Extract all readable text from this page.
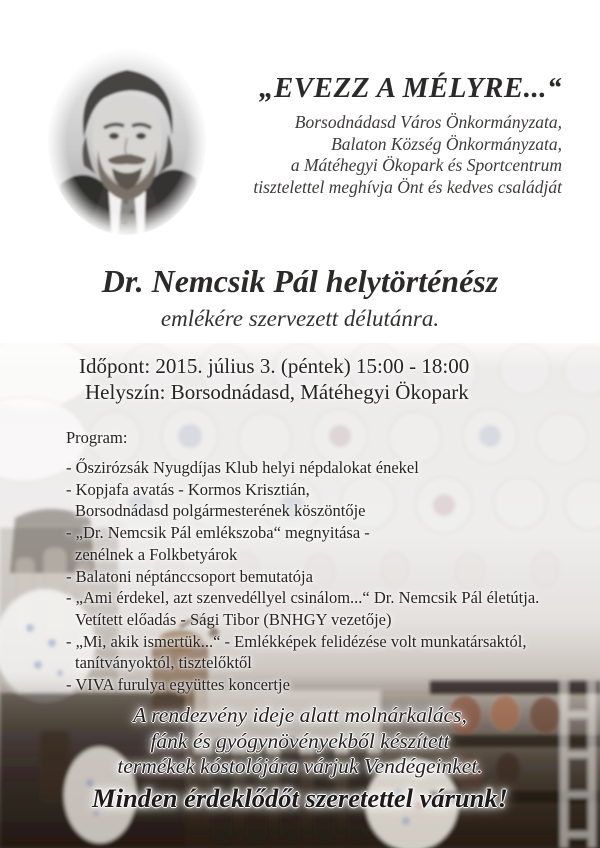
„EVEZZ A MÉLYRE...“
Borsodnádasd Város Önkormányzata,
Balaton Község Önkormányzata,
a Mátéhegyi Ökopark és Sportcentrum
tisztelettel meghívja Önt és kedves családját
Dr. Nemcsik Pál helytörténész
emlékére szervezett délutánra.
Időpont: 2015. július 3. (péntek) 15:00 - 18:00
Helyszín: Borsodnádasd, Mátéhegyi Ökopark
Program:
- Őszirózsák Nyugdíjas Klub helyi népdalokat énekel
- Kopjafa avatás - Kormos Krisztián,
Borsodnádasd polgármesterének köszöntője
- „Dr. Nemcsik Pál emlékszoba“ megnyitása -
zenélnek a Folkbetyárok
- Balatoni néptánccsoport bemutatója
- „Ami érdekel, azt szenvedéllyel csinálom...“ Dr. Nemcsik Pál életútja.
Vetített előadás - Sági Tibor (BNHGY vezetője)
- „Mi, akik ismertük...“ - Emlékképek felidézése volt munkatársaktól,
tanítványoktól, tisztelőktől
- VIVA furulya együttes koncertje
A rendezvény ideje alatt molnárkalács,
fánk és gyógynövényekből készített
termékek kóstolójára várjuk Vendégeinket.
Minden érdeklődőt szeretettel várunk!
